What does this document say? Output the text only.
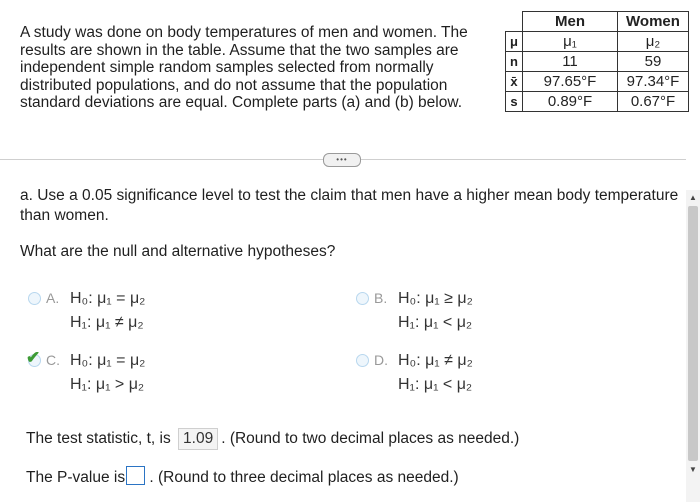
A study was done on body temperatures of men and women. The results are shown in the table. Assume that the two samples are independent simple random samples selected from normally distributed populations, and do not assume that the population standard deviations are equal. Complete parts (a) and (b) below.
	Men	Women
μ	μ₁	μ₂
n	11	59
x̄	97.65°F	97.34°F
s	0.89°F	0.67°F
•••
▲
▼
a. Use a 0.05 significance level to test the claim that men have a higher mean body temperature than women.
What are the null and alternative hypotheses?
A. H₀: μ₁ = μ₂
H₁: μ₁ ≠ μ₂
B. H₀: μ₁ ≥ μ₂
H₁: μ₁ < μ₂
✔ C. H₀: μ₁ = μ₂
H₁: μ₁ > μ₂
D. H₀: μ₁ ≠ μ₂
H₁: μ₁ < μ₂
The test statistic, t, is 1.09 . (Round to two decimal places as needed.)
The P-value is . (Round to three decimal places as needed.)
